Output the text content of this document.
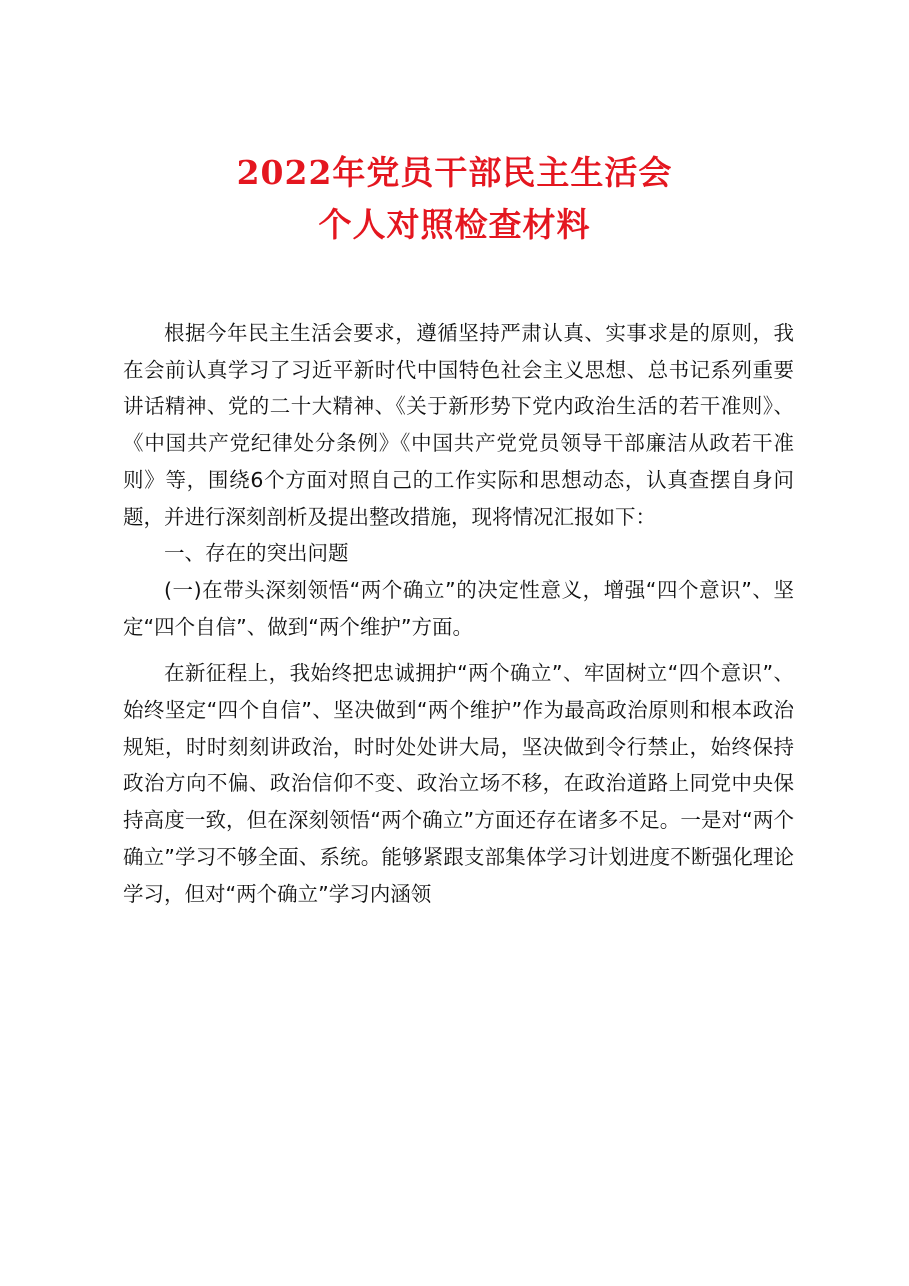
2022年党员干部民主生活会
个人对照检查材料

根据今年民主生活会要求，遵循坚持严肃认真、实事求是的原则，我在会前认真学习了习近平新时代中国特色社会主义思想、总书记系列重要讲话精神、党的二十大精神、《关于新形势下党内政治生活的若干准则》、《中国共产党纪律处分条例》《中国共产党党员领导干部廉洁从政若干准则》等，围绕6个方面对照自己的工作实际和思想动态，认真查摆自身问题，并进行深刻剖析及提出整改措施，现将情况汇报如下：

一、存在的突出问题

(一)在带头深刻领悟“两个确立”的决定性意义，增强“四个意识”、坚定“四个自信”、做到“两个维护”方面。

在新征程上，我始终把忠诚拥护“两个确立”、牢固树立“四个意识”、始终坚定“四个自信”、坚决做到“两个维护”作为最高政治原则和根本政治规矩，时时刻刻讲政治，时时处处讲大局，坚决做到令行禁止，始终保持政治方向不偏、政治信仰不变、政治立场不移，在政治道路上同党中央保持高度一致，但在深刻领悟“两个确立”方面还存在诸多不足。一是对“两个确立”学习不够全面、系统。能够紧跟支部集体学习计划进度不断强化理论学习，但对“两个确立”学习内涵领
